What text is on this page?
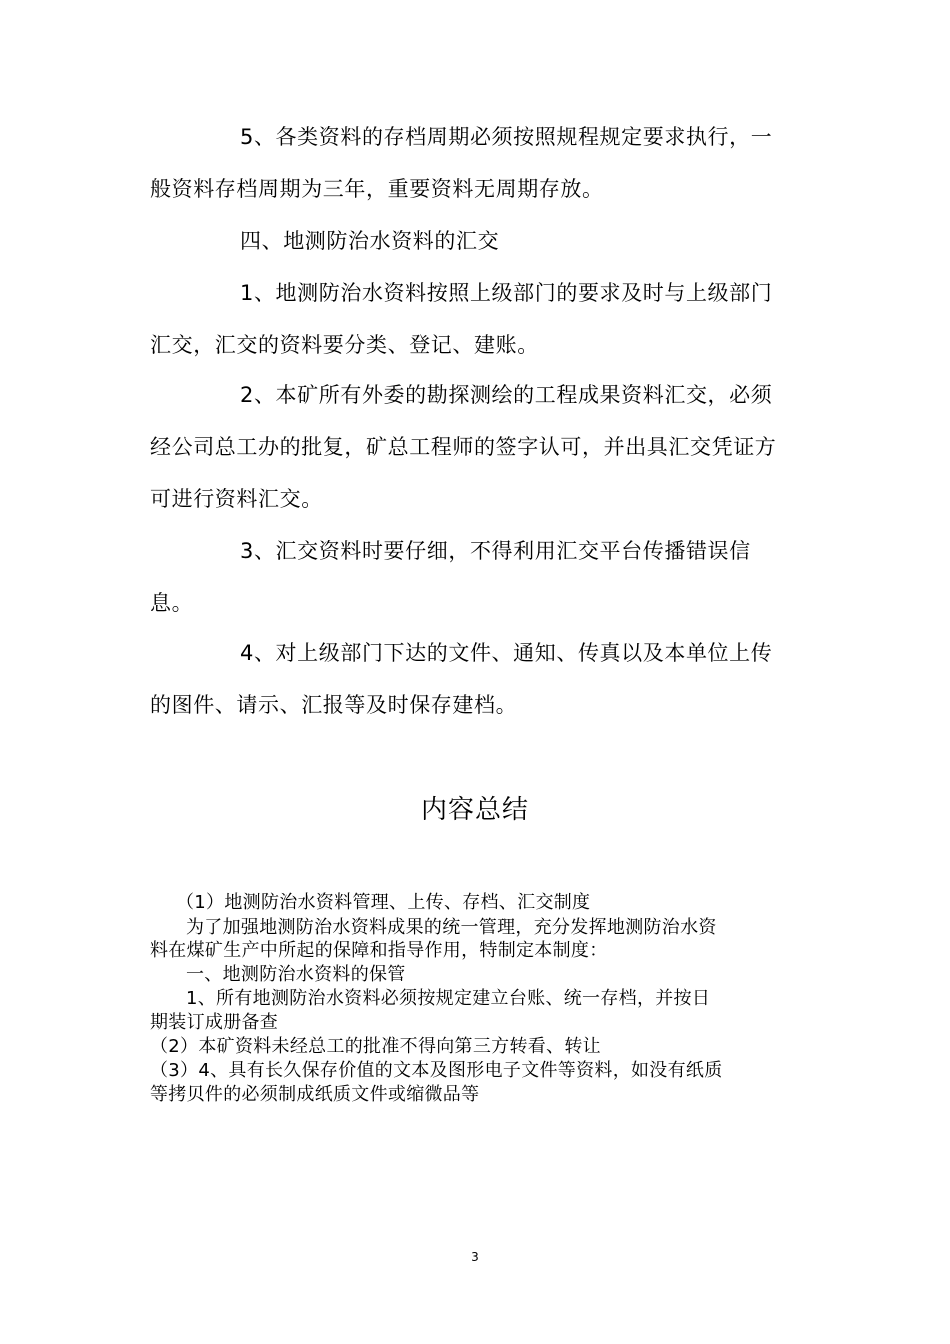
5、各类资料的存档周期必须按照规程规定要求执行，一
般资料存档周期为三年，重要资料无周期存放。
四、地测防治水资料的汇交
1、地测防治水资料按照上级部门的要求及时与上级部门
汇交，汇交的资料要分类、登记、建账。
2、本矿所有外委的勘探测绘的工程成果资料汇交，必须
经公司总工办的批复，矿总工程师的签字认可，并出具汇交凭证方
可进行资料汇交。
3、汇交资料时要仔细，不得利用汇交平台传播错误信
息。
4、对上级部门下达的文件、通知、传真以及本单位上传
的图件、请示、汇报等及时保存建档。
内容总结
（1）地测防治水资料管理、上传、存档、汇交制度
为了加强地测防治水资料成果的统一管理，充分发挥地测防治水资
料在煤矿生产中所起的保障和指导作用，特制定本制度：
一、地测防治水资料的保管
1、所有地测防治水资料必须按规定建立台账、统一存档，并按日
期装订成册备查
（2）本矿资料未经总工的批准不得向第三方转看、转让
（3）4、具有长久保存价值的文本及图形电子文件等资料，如没有纸质
等拷贝件的必须制成纸质文件或缩微品等
3
